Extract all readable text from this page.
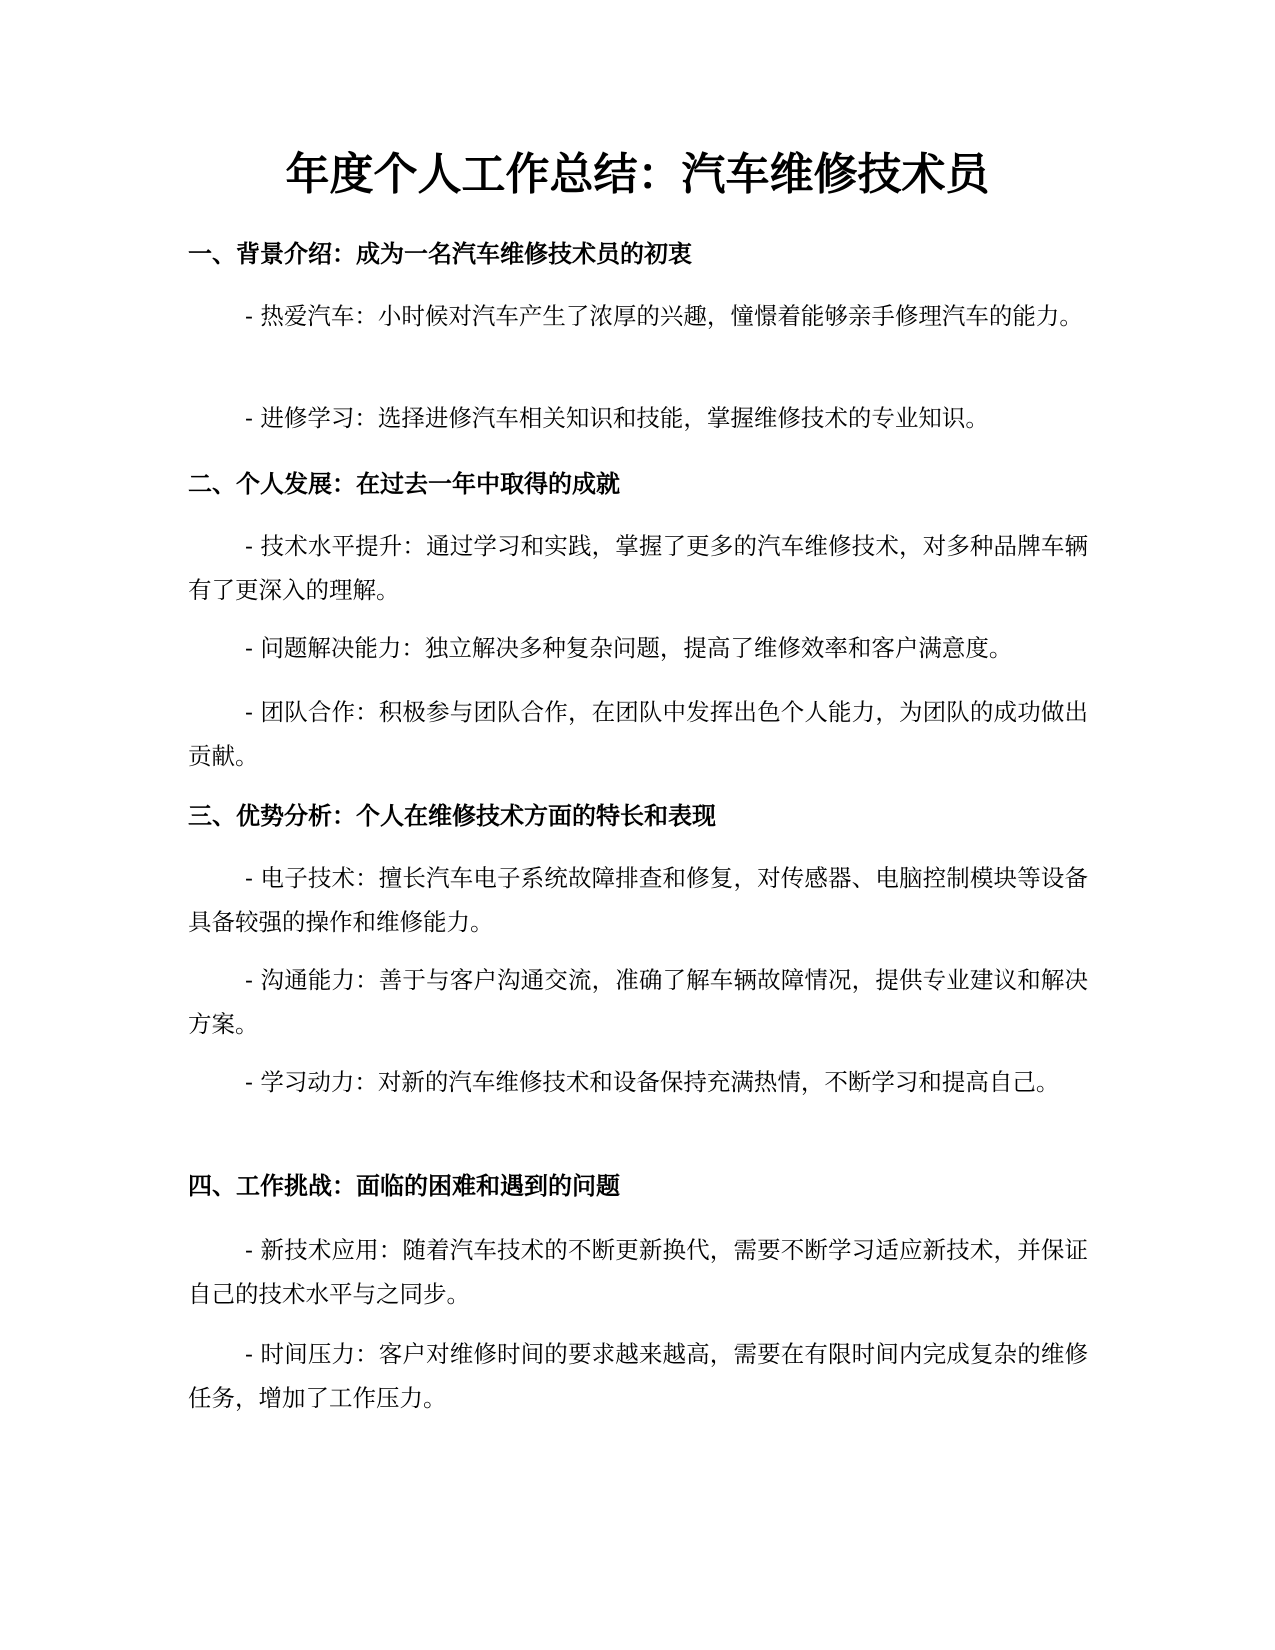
年度个人工作总结：汽车维修技术员
一、背景介绍：成为一名汽车维修技术员的初衷

- 热爱汽车：小时候对汽车产生了浓厚的兴趣，憧憬着能够亲手修理汽车的能力。

- 进修学习：选择进修汽车相关知识和技能，掌握维修技术的专业知识。

二、个人发展：在过去一年中取得的成就

- 技术水平提升：通过学习和实践，掌握了更多的汽车维修技术，对多种品牌车辆有了更深入的理解。

- 问题解决能力：独立解决多种复杂问题，提高了维修效率和客户满意度。

- 团队合作：积极参与团队合作，在团队中发挥出色个人能力，为团队的成功做出贡献。

三、优势分析：个人在维修技术方面的特长和表现

- 电子技术：擅长汽车电子系统故障排查和修复，对传感器、电脑控制模块等设备具备较强的操作和维修能力。

- 沟通能力：善于与客户沟通交流，准确了解车辆故障情况，提供专业建议和解决方案。

- 学习动力：对新的汽车维修技术和设备保持充满热情，不断学习和提高自己。

四、工作挑战：面临的困难和遇到的问题

- 新技术应用：随着汽车技术的不断更新换代，需要不断学习适应新技术，并保证自己的技术水平与之同步。

- 时间压力：客户对维修时间的要求越来越高，需要在有限时间内完成复杂的维修任务，增加了工作压力。
